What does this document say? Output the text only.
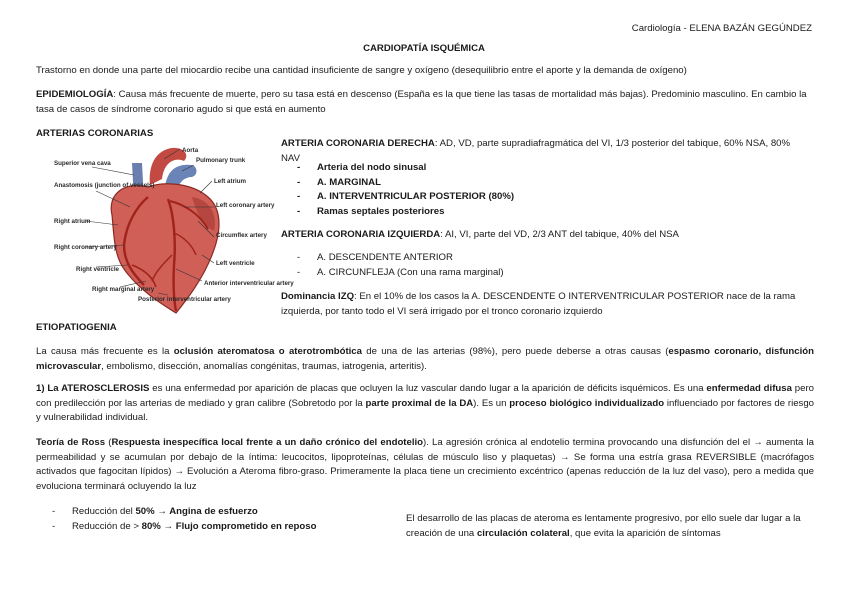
Cardiología - ELENA BAZÁN GEGÚNDEZ
CARDIOPATÍA ISQUÉMICA
Trastorno en donde una parte del miocardio recibe una cantidad insuficiente de sangre y oxígeno (desequilibrio entre el aporte y la demanda de oxígeno)
EPIDEMIOLOGÍA: Causa más frecuente de muerte, pero su tasa está en descenso (España es la que tiene las tasas de mortalidad más bajas). Predominio masculino. En cambio la tasa de casos de síndrome coronario agudo si que está en aumento
ARTERIAS CORONARIAS
Aorta
Pulmonary trunk
Left atrium
Superior vena cava
Anastomosis (junction of vessels)
Right atrium
Right coronary artery
Left coronary artery
Circumflex artery
Left ventricle
Right ventricle
Anterior interventricular artery
Right marginal artery
Posterior interventricular artery
ARTERIA CORONARIA DERECHA: AD, VD, parte supradiafragmática del VI, 1/3 posterior del tabique, 60% NSA, 80% NAV
- Arteria del nodo sinusal
- A. MARGINAL
- A. INTERVENTRICULAR POSTERIOR (80%)
- Ramas septales posteriores
ARTERIA CORONARIA IZQUIERDA: AI, VI, parte del VD, 2/3 ANT del tabique, 40% del NSA
- A. DESCENDENTE ANTERIOR
- A. CIRCUNFLEJA (Con una rama marginal)
Dominancia IZQ: En el 10% de los casos la A. DESCENDENTE O INTERVENTRICULAR POSTERIOR nace de la rama izquierda, por tanto todo el VI será irrigado por el tronco coronario izquierdo
ETIOPATIOGENIA
La causa más frecuente es la oclusión ateromatosa o aterotrombótica de una de las arterias (98%), pero puede deberse a otras causas (espasmo coronario, disfunción microvascular, embolismo, disección, anomalías congénitas, traumas, iatrogenia, arteritis).
1) La ATEROSCLEROSIS es una enfermedad por aparición de placas que ocluyen la luz vascular dando lugar a la aparición de déficits isquémicos. Es una enfermedad difusa pero con predilección por las arterias de mediado y gran calibre (Sobretodo por la parte proximal de la DA). Es un proceso biológico individualizado influenciado por factores de riesgo y vulnerabilidad individual.
Teoría de Ross (Respuesta inespecífica local frente a un daño crónico del endotelio). La agresión crónica al endotelio termina provocando una disfunción del el → aumenta la permeabilidad y se acumulan por debajo de la íntima: leucocitos, lipoproteínas, células de músculo liso y plaquetas) → Se forma una estría grasa REVERSIBLE (macrófagos activados que fagocitan lípidos) → Evolución a Ateroma fibro-graso. Primeramente la placa tiene un crecimiento excéntrico (apenas reducción de la luz del vaso), pero a medida que evoluciona terminará ocluyendo la luz
- Reducción del 50% → Angina de esfuerzo
- Reducción de > 80% → Flujo comprometido en reposo
El desarrollo de las placas de ateroma es lentamente progresivo, por ello suele dar lugar a la creación de una circulación colateral, que evita la aparición de síntomas
